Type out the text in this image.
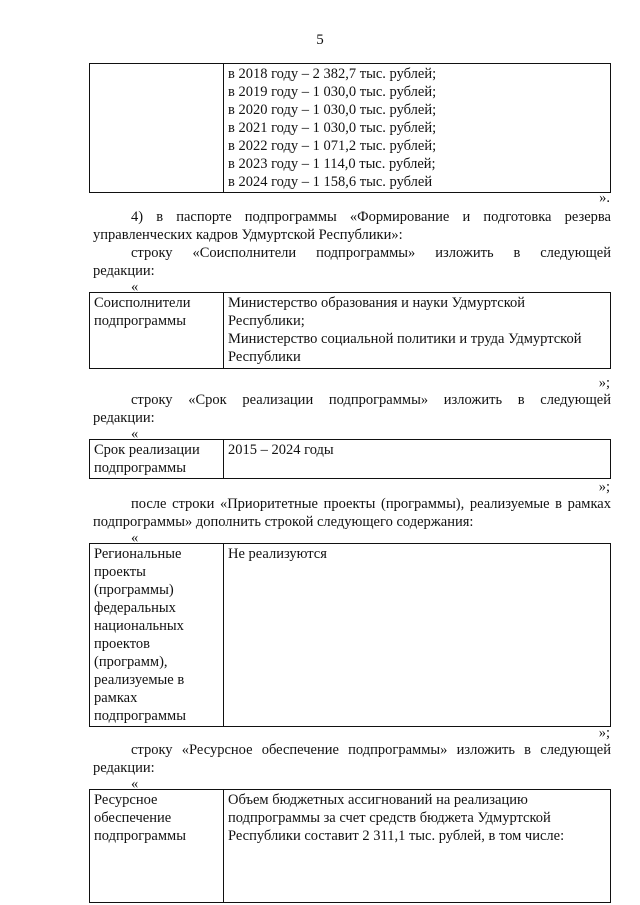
5

в 2018 году – 2 382,7 тыс. рублей;
в 2019 году – 1 030,0 тыс. рублей;
в 2020 году – 1 030,0 тыс. рублей;
в 2021 году – 1 030,0 тыс. рублей;
в 2022 году – 1 071,2 тыс. рублей;
в 2023 году – 1 114,0 тыс. рублей;
в 2024 году – 1 158,6 тыс. рублей
».
4) в паспорте подпрограммы «Формирование и подготовка резерва
управленческих кадров Удмуртской Республики»:
строку «Соисполнители подпрограммы» изложить в следующей
редакции:
«
Соисполнители
подпрограммы

Министерство образования и науки Удмуртской
Республики;
Министерство социальной политики и труда Удмуртской
Республики
»;
строку «Срок реализации подпрограммы» изложить в следующей
редакции:
«
Срок реализации
подпрограммы
	2015 – 2024 годы
»;
после строки «Приоритетные проекты (программы), реализуемые в рамках
подпрограммы» дополнить строкой следующего содержания:
«
Региональные
проекты
(программы)
федеральных
национальных
проектов
(программ),
реализуемые в
рамках
подпрограммы
	Не реализуются
»;
строку «Ресурсное обеспечение подпрограммы» изложить в следующей
редакции:
«
Ресурсное
обеспечение
подпрограммы

Объем бюджетных ассигнований на реализацию
подпрограммы за счет средств бюджета Удмуртской
Республики составит 2 311,1 тыс. рублей, в том числе:
